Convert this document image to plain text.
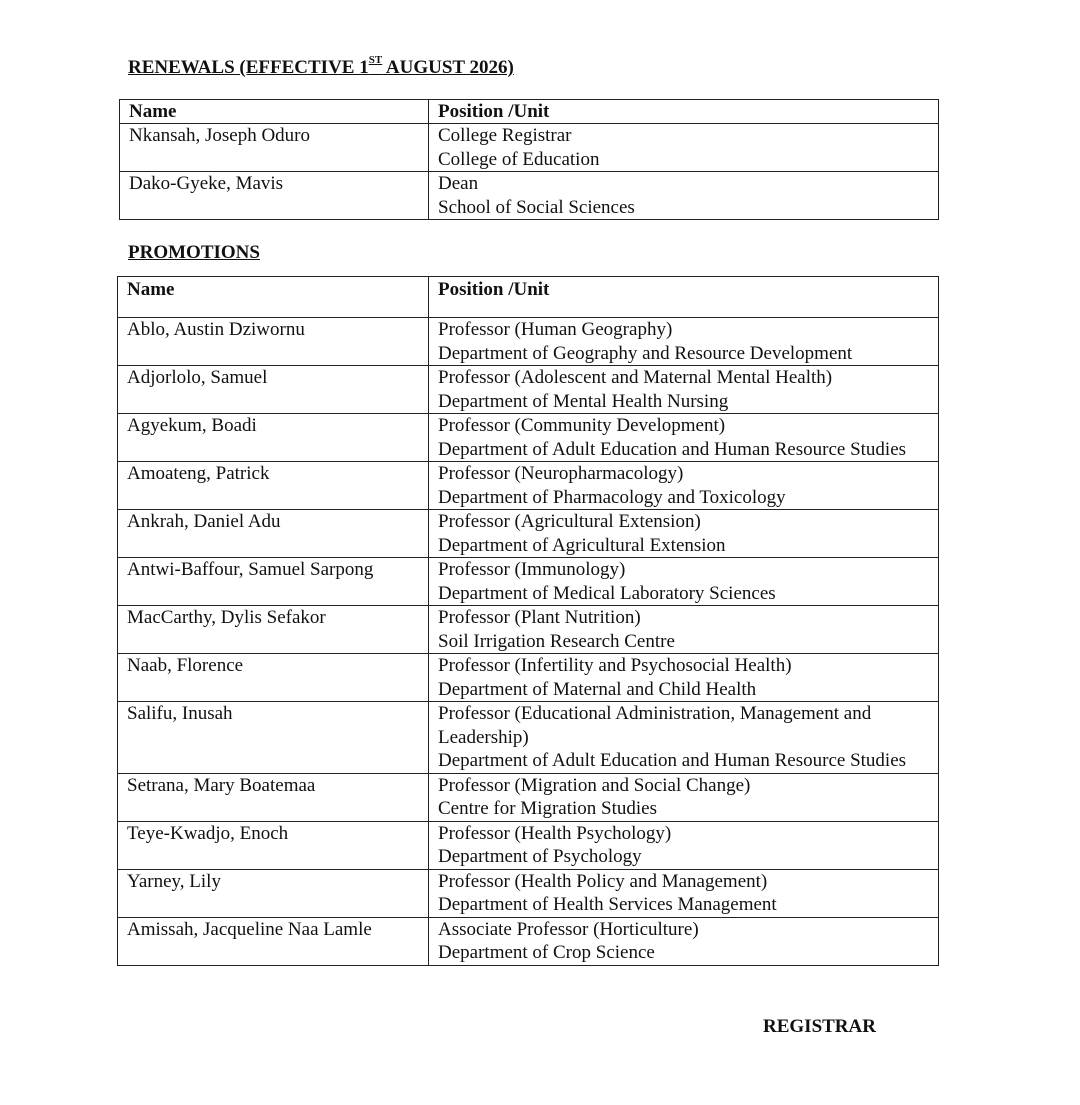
RENEWALS (EFFECTIVE 1ST AUGUST 2026)
Name	Position /Unit
Nkansah, Joseph Oduro	College Registrar
College of Education

Dako-Gyeke, Mavis	Dean
School of Social Sciences
PROMOTIONS
Name	Position /Unit
Ablo, Austin Dziwornu	Professor (Human Geography)
Department of Geography and Resource Development

Adjorlolo, Samuel	Professor (Adolescent and Maternal Mental Health)
Department of Mental Health Nursing

Agyekum, Boadi	Professor (Community Development)
Department of Adult Education and Human Resource Studies

Amoateng, Patrick	Professor (Neuropharmacology)
Department of Pharmacology and Toxicology

Ankrah, Daniel Adu	Professor (Agricultural Extension)
Department of Agricultural Extension

Antwi-Baffour, Samuel Sarpong	Professor (Immunology)
Department of Medical Laboratory Sciences

MacCarthy, Dylis Sefakor	Professor (Plant Nutrition)
Soil Irrigation Research Centre

Naab, Florence	Professor (Infertility and Psychosocial Health)
Department of Maternal and Child Health

Salifu, Inusah	Professor (Educational Administration, Management and Leadership)
Department of Adult Education and Human Resource Studies

Setrana, Mary Boatemaa	Professor (Migration and Social Change)
Centre for Migration Studies

Teye-Kwadjo, Enoch	Professor (Health Psychology)
Department of Psychology

Yarney, Lily	Professor (Health Policy and Management)
Department of Health Services Management

Amissah, Jacqueline Naa Lamle	Associate Professor (Horticulture)
Department of Crop Science
REGISTRAR
